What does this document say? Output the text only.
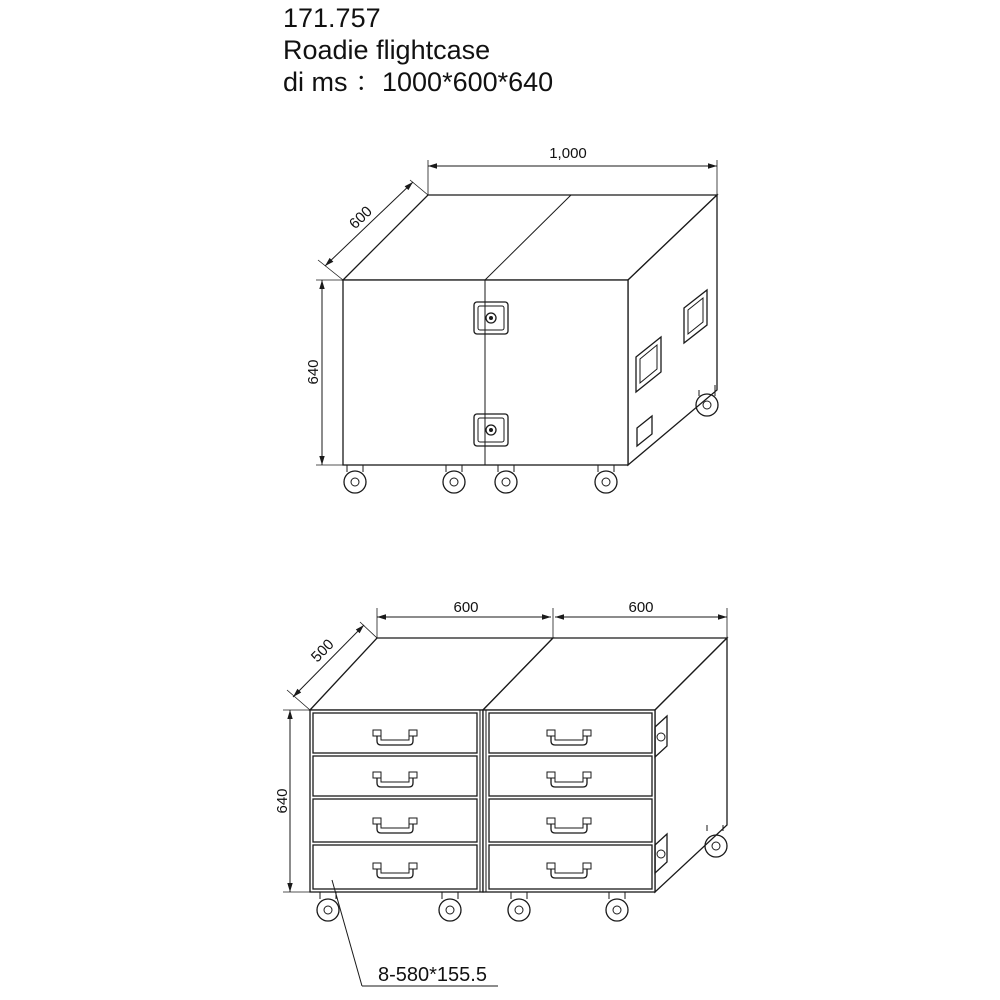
171.757
Roadie flightcase
di ms ：1000*600*640
1,000
600
640
600	600
500
640
8-580*155.5
